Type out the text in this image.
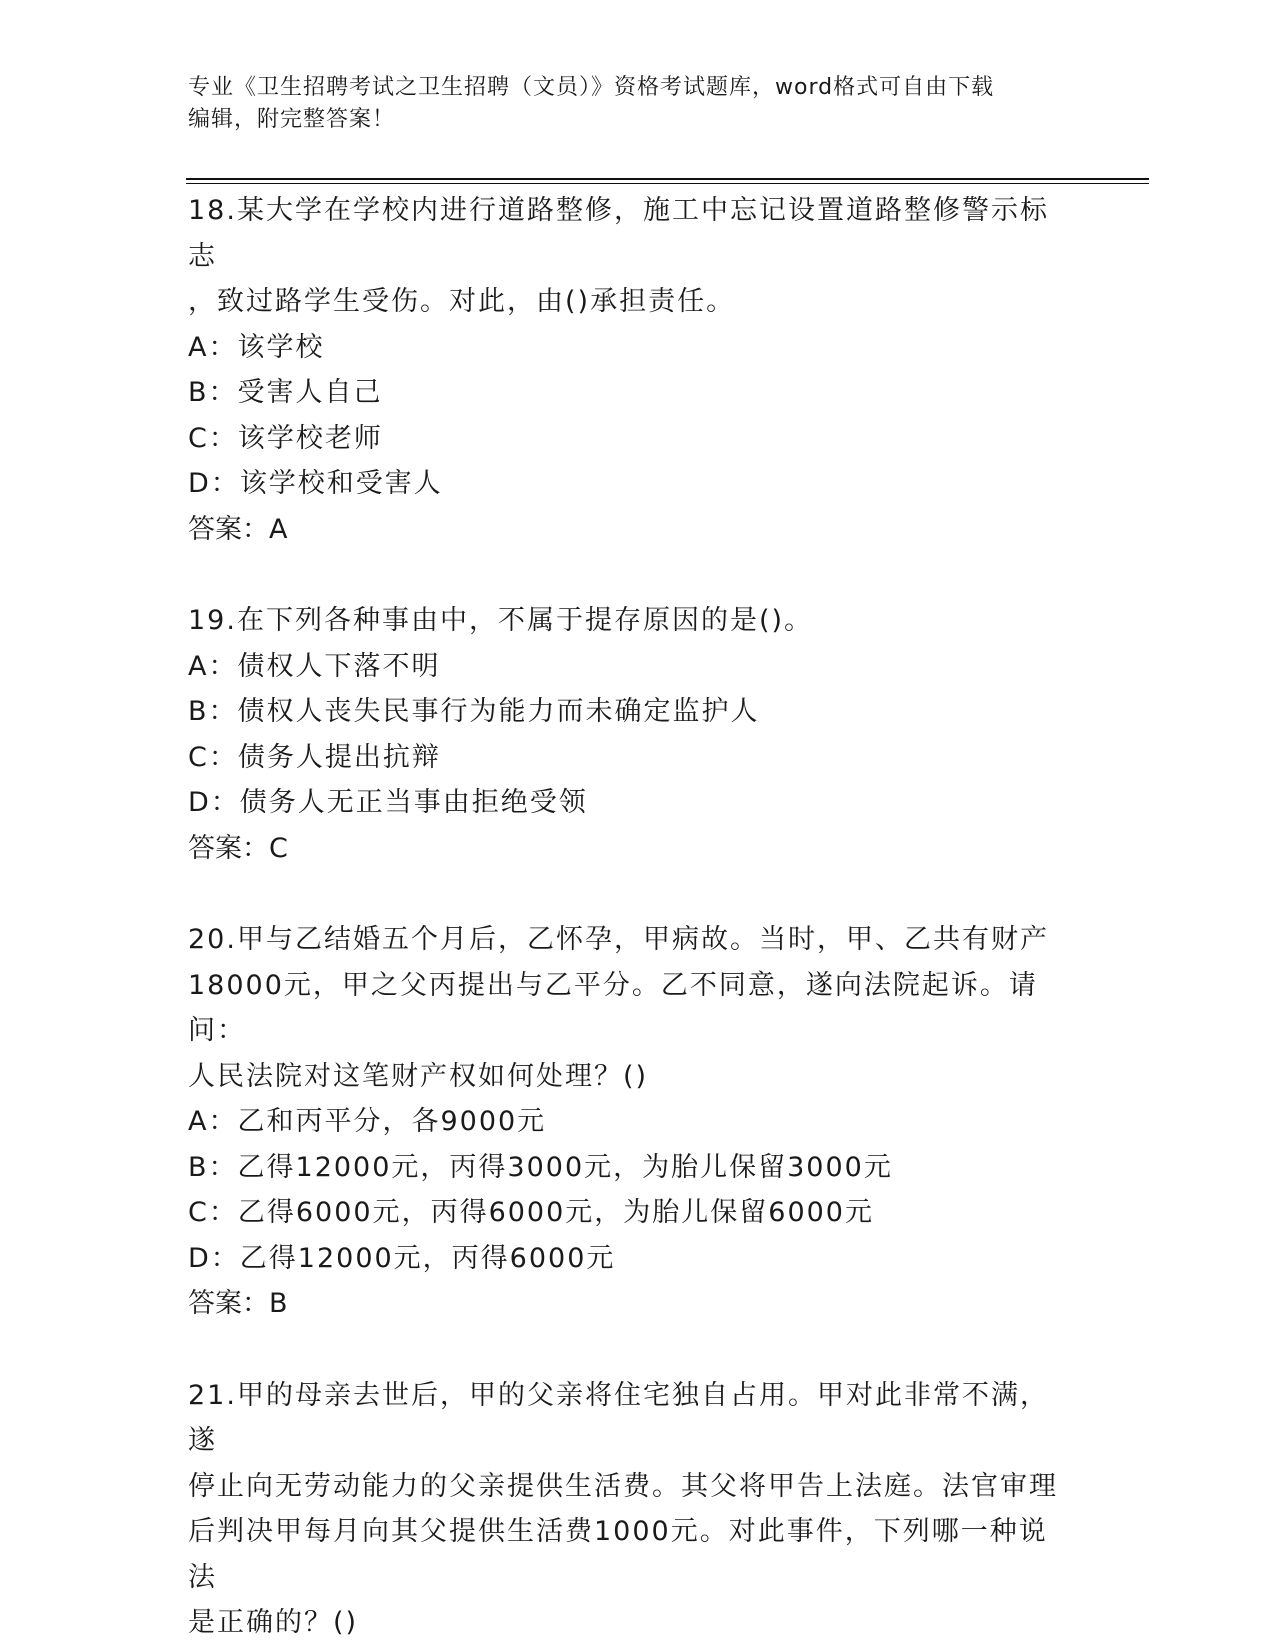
专业《卫生招聘考试之卫生招聘（文员）》资格考试题库，word格式可自由下载
编辑，附完整答案！

18.某大学在学校内进行道路整修，施工中忘记设置道路整修警示标志

，致过路学生受伤。对此，由()承担责任。

A：该学校

B：受害人自己

C：该学校老师

D：该学校和受害人

答案：A

19.在下列各种事由中，不属于提存原因的是()。

A：债权人下落不明

B：债权人丧失民事行为能力而未确定监护人

C：债务人提出抗辩

D：债务人无正当事由拒绝受领

答案：C

20.甲与乙结婚五个月后，乙怀孕，甲病故。当时，甲、乙共有财产

18000元，甲之父丙提出与乙平分。乙不同意，遂向法院起诉。请问：

人民法院对这笔财产权如何处理？()

A：乙和丙平分，各9000元

B：乙得12000元，丙得3000元，为胎儿保留3000元

C：乙得6000元，丙得6000元，为胎儿保留6000元

D：乙得12000元，丙得6000元

答案：B

21.甲的母亲去世后，甲的父亲将住宅独自占用。甲对此非常不满，遂

停止向无劳动能力的父亲提供生活费。其父将甲告上法庭。法官审理

后判决甲每月向其父提供生活费1000元。对此事件，下列哪一种说法

是正确的？()
